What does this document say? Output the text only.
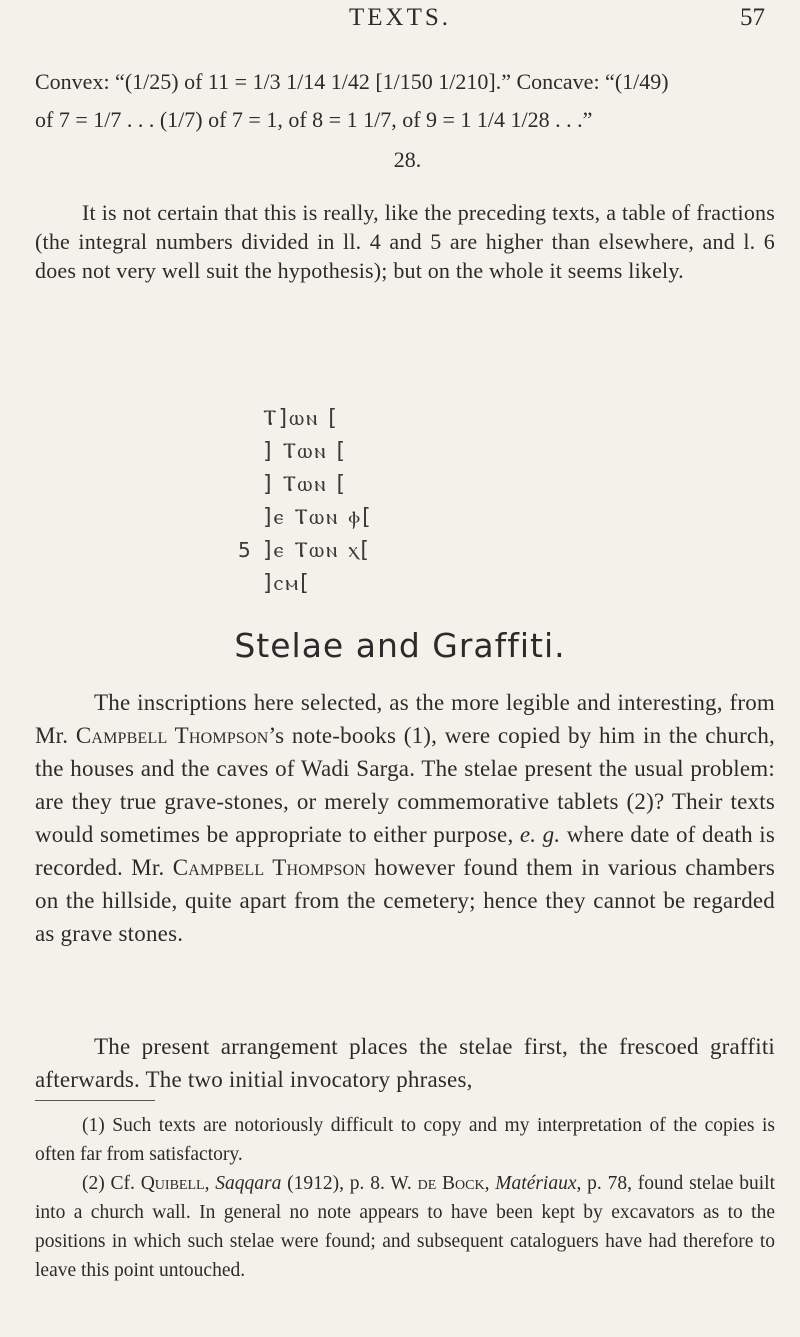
TEXTS.	57
Convex: “(1/25) of 11 = 1/3 1/14 1/42 [1/150 1/210].” Concave: “(1/49)
of 7 = 1/7 . . . (1/7) of 7 = 1, of 8 = 1 1/7, of 9 = 1 1/4 1/28 . . .”
28.

It is not certain that this is really, like the preceding texts, a table of fractions (the integral numbers divided in ll. 4 and 5 are higher than elsewhere, and l. 6 does not very well suit the hypothesis); but on the whole it seems likely.

Ⲧ]ⲱⲛ [
] Ⲧⲱⲛ [
] Ⲧⲱⲛ [
]ⲉ Ⲧⲱⲛ ⲫ[
5 ]ⲉ Ⲧⲱⲛ ⲭ[
]ⲥⲙ[
Stelae and Graffiti.

The inscriptions here selected, as the more legible and interesting, from Mr. Campbell Thompson’s note-books (1), were copied by him in the church, the houses and the caves of Wadi Sarga. The stelae present the usual problem: are they true grave-stones, or merely commemorative tablets (2)? Their texts would sometimes be appropriate to either purpose, e. g. where date of death is recorded. Mr. Campbell Thompson however found them in various chambers on the hillside, quite apart from the cemetery; hence they cannot be regarded as grave stones.

The present arrangement places the stelae first, the frescoed graffiti afterwards. The two initial invocatory phrases,

(1) Such texts are notoriously difficult to copy and my interpretation of the copies is often far from satisfactory.

(2) Cf. Quibell, Saqqara (1912), p. 8. W. de Bock, Matériaux, p. 78, found stelae built into a church wall. In general no note appears to have been kept by excavators as to the positions in which such stelae were found; and subsequent cataloguers have had therefore to leave this point untouched.
